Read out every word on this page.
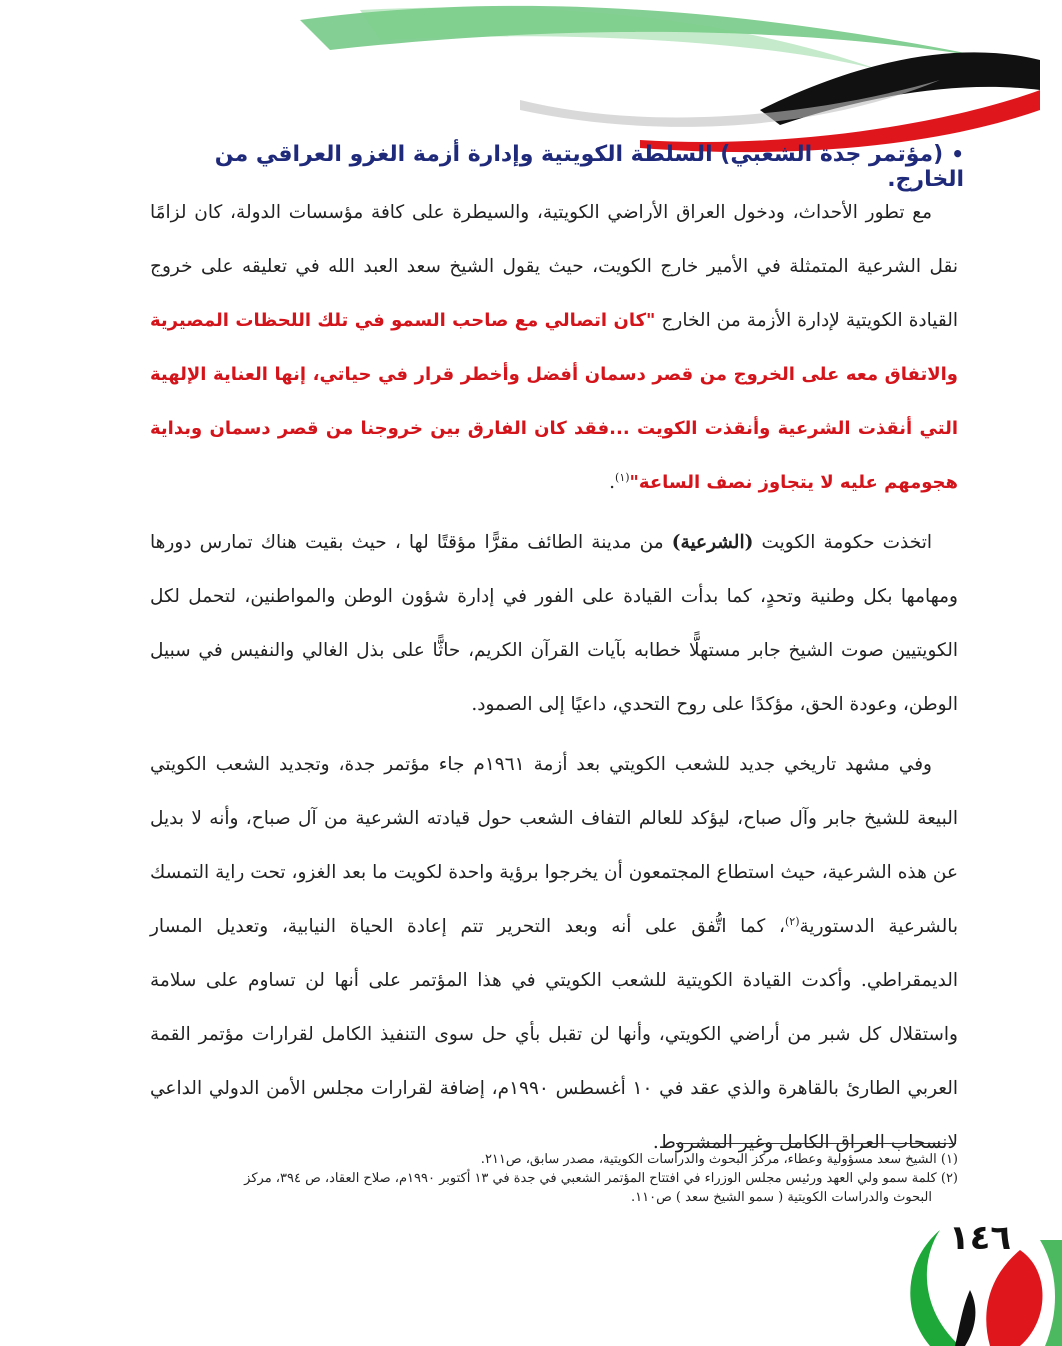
١٤٦
•(مؤتمر جدة الشعبي) السلطة الكويتية وإدارة أزمة الغزو العراقي من الخارج.

مع تطور الأحداث، ودخول العراق الأراضي الكويتية، والسيطرة على كافة مؤسسات الدولة، كان لزامًا نقل الشرعية المتمثلة في الأمير خارج الكويت، حيث يقول الشيخ سعد العبد الله في تعليقه على خروج القيادة الكويتية لإدارة الأزمة من الخارج "كان اتصالي مع صاحب السمو في تلك اللحظات المصيرية والاتفاق معه على الخروج من قصر دسمان أفضل وأخطر قرار في حياتي، إنها العناية الإلهية التي أنقذت الشرعية وأنقذت الكويت ...فقد كان الفارق بين خروجنا من قصر دسمان وبداية هجومهم عليه لا يتجاوز نصف الساعة"$^{(١)}$.

اتخذت حكومة الكويت (الشرعية) من مدينة الطائف مقرًّا مؤقتًا لها ، حيث بقيت هناك تمارس دورها ومهامها بكل وطنية وتحدٍ، كما بدأت القيادة على الفور في إدارة شؤون الوطن والمواطنين، لتحمل لكل الكويتيين صوت الشيخ جابر مستهلًّا خطابه بآيات القرآن الكريم، حاثًّا على بذل الغالي والنفيس في سبيل الوطن، وعودة الحق، مؤكدًا على روح التحدي، داعيًا إلى الصمود.

وفي مشهد تاريخي جديد للشعب الكويتي بعد أزمة ١٩٦١م جاء مؤتمر جدة، وتجديد الشعب الكويتي البيعة للشيخ جابر وآل صباح، ليؤكد للعالم التفاف الشعب حول قيادته الشرعية من آل صباح، وأنه لا بديل عن هذه الشرعية، حيث استطاع المجتمعون أن يخرجوا برؤية واحدة لكويت ما بعد الغزو، تحت راية التمسك بالشرعية الدستورية$^{(٢)}$، كما اتُّفق على أنه وبعد التحرير تتم إعادة الحياة النيابية، وتعديل المسار الديمقراطي. وأكدت القيادة الكويتية للشعب الكويتي في هذا المؤتمر على أنها لن تساوم على سلامة واستقلال كل شبر من أراضي الكويتي، وأنها لن تقبل بأي حل سوى التنفيذ الكامل لقرارات مؤتمر القمة العربي الطارئ بالقاهرة والذي عقد في ١٠ أغسطس ١٩٩٠م، إضافة لقرارات مجلس الأمن الدولي الداعي لانسحاب العراق الكامل وغير المشروط.

(١) الشيخ سعد مسؤولية وعطاء، مركز البحوث والدراسات الكويتية، مصدر سابق، ص٢١١.
(٢) كلمة سمو ولي العهد ورئيس مجلس الوزراء في افتتاح المؤتمر الشعبي في جدة في ١٣ أكتوبر ١٩٩٠م، صلاح العقاد، ص ٣٩٤، مركز
البحوث والدراسات الكويتية ( سمو الشيخ سعد ) ص١١٠.
